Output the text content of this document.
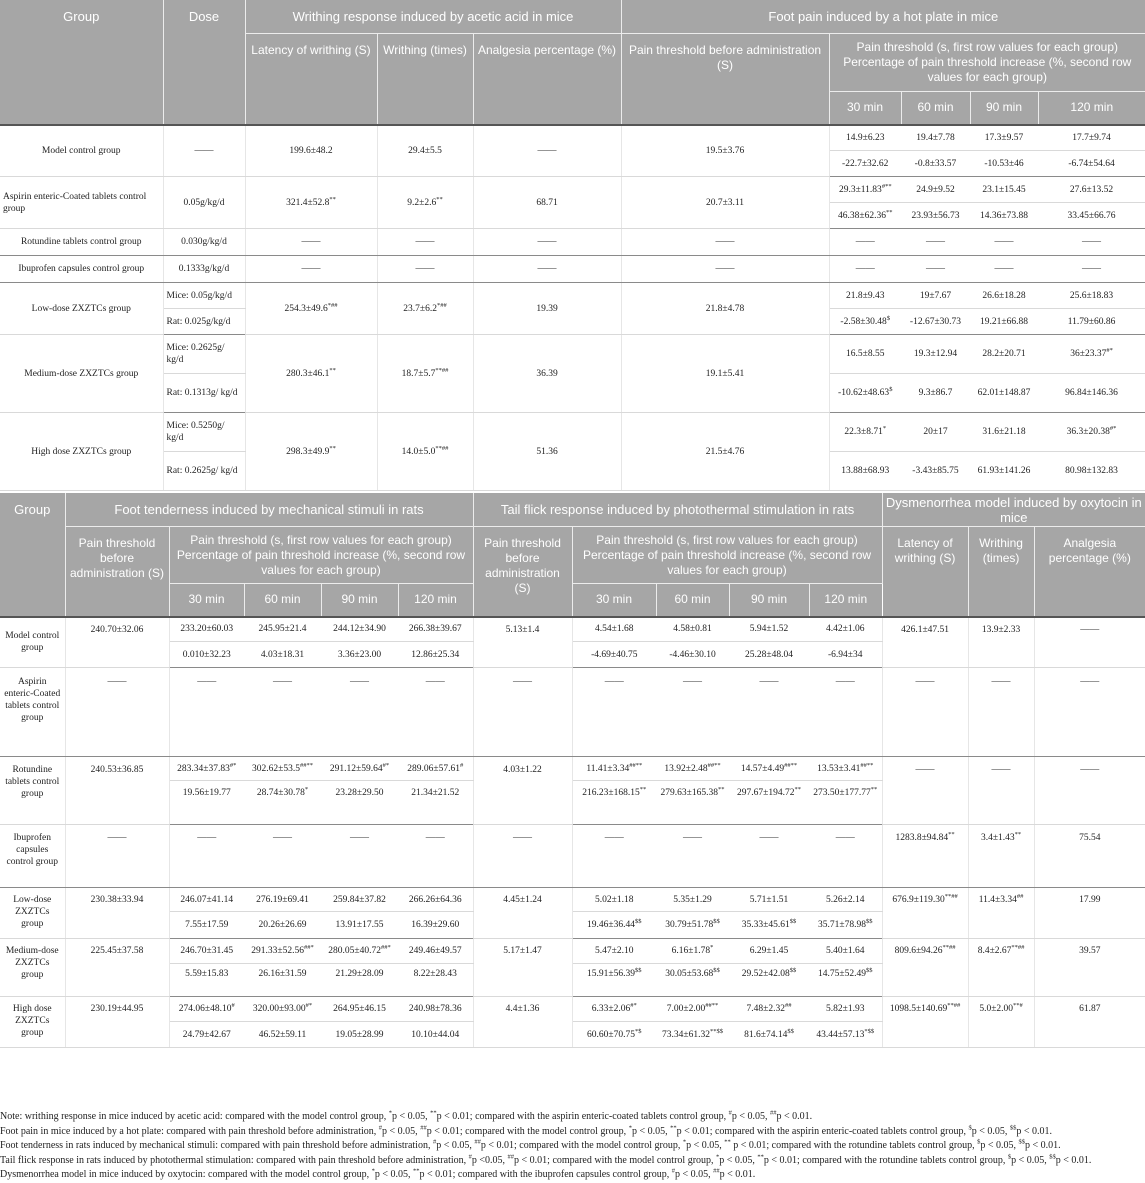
Group	Dose	Writhing response induced by acetic acid in mice			Foot pain induced by a hot plate in mice				
		Latency of writhing (S)	Writhing (times)	Analgesia percentage (%)	Pain threshold before administration (S)	Pain threshold (s, first row values for each group) Percentage of pain threshold increase (%, second row values for each group)			
						30 min	60 min	90 min	120 min
Model control group	——	199.6±48.2	29.4±5.5	——	19.5±3.76	14.9±6.23	19.4±7.78	17.3±9.57	17.7±9.74
						-22.7±32.62	-0.8±33.57	-10.53±46	-6.74±54.64
Aspirin enteric-Coated tablets control group	0.05g/kg/d	321.4±52.8**	9.2±2.6**	68.71	20.7±3.11	29.3±11.83#**	24.9±9.52	23.1±15.45	27.6±13.52
						46.38±62.36**	23.93±56.73	14.36±73.88	33.45±66.76
Rotundine tablets control group	0.030g/kg/d	——	——	——	——	——	——	——	——
Ibuprofen capsules control group	0.1333g/kg/d	——	——	——	——	——	——	——	——
Low-dose ZXZTCs group	Mice: 0.05g/kg/d	254.3±49.6*##	23.7±6.2*##	19.39	21.8±4.78	21.8±9.43	19±7.67	26.6±18.28	25.6±18.83
	Rat: 0.025g/kg/d					-2.58±30.48$	-12.67±30.73	19.21±66.88	11.79±60.86
Medium-dose ZXZTCs group	Mice: 0.2625g/ kg/d	280.3±46.1**	18.7±5.7**##	36.39	19.1±5.41	16.5±8.55	19.3±12.94	28.2±20.71	36±23.37#*
	Rat: 0.1313g/ kg/d					-10.62±48.63$	9.3±86.7	62.01±148.87	96.84±146.36
High dose ZXZTCs group	Mice: 0.5250g/ kg/d	298.3±49.9**	14.0±5.0**##	51.36	21.5±4.76	22.3±8.71*	20±17	31.6±21.18	36.3±20.38#*
	Rat: 0.2625g/ kg/d					13.88±68.93	-3.43±85.75	61.93±141.26	80.98±132.83
Group	Foot tenderness induced by mechanical stimuli in rats					Tail flick response induced by photothermal stimulation in rats					Dysmenorrhea model induced by oxytocin in mice		
	Pain threshold before administration (S)	Pain threshold (s, first row values for each group) Percentage of pain threshold increase (%, second row values for each group)				Pain threshold before administration (S)	Pain threshold (s, first row values for each group) Percentage of pain threshold increase (%, second row values for each group)				Latency of writhing (S)	Writhing (times)	Analgesia percentage (%)
		30 min	60 min	90 min	120 min		30 min	60 min	90 min	120 min			
Model control group	240.70±32.06	233.20±60.03	245.95±21.4	244.12±34.90	266.38±39.67	5.13±1.4	4.54±1.68	4.58±0.81	5.94±1.52	4.42±1.06	426.1±47.51	13.9±2.33	——
		0.010±32.23	4.03±18.31	3.36±23.00	12.86±25.34		-4.69±40.75	-4.46±30.10	25.28±48.04	-6.94±34			
Aspirin enteric-Coated tablets control group	——	——	——	——	——	——	——	——	——	——	——	——	——
Rotundine tablets control group	240.53±36.85	283.34±37.83#*	302.62±53.5##**	291.12±59.64#*	289.06±57.61#	4.03±1.22	11.41±3.34##**	13.92±2.48##**	14.57±4.49##**	13.53±3.41##**	——	——	——
		19.56±19.77	28.74±30.78*	23.28±29.50	21.34±21.52		216.23±168.15**	279.63±165.38**	297.67±194.72**	273.50±177.77**
Ibuprofen capsules control group	——	——	——	——	——	——	——	——	——	——	1283.8±94.84**	3.4±1.43**	75.54
Low-dose ZXZTCs group	230.38±33.94	246.07±41.14	276.19±69.41	259.84±37.82	266.26±64.36	4.45±1.24	5.02±1.18	5.35±1.29	5.71±1.51	5.26±2.14	676.9±119.30**##	11.4±3.34##	17.99
		7.55±17.59	20.26±26.69	13.91±17.55	16.39±29.60		19.46±36.44$$	30.79±51.78$$	35.33±45.61$$	35.71±78.98$$
Medium-dose ZXZTCs group	225.45±37.58	246.70±31.45	291.33±52.56##*	280.05±40.72##*	249.46±49.57	5.17±1.47	5.47±2.10	6.16±1.78*	6.29±1.45	5.40±1.64	809.6±94.26**##	8.4±2.67**##	39.57
		5.59±15.83	26.16±31.59	21.29±28.09	8.22±28.43		15.91±56.39$$	30.05±53.68$$	29.52±42.08$$	14.75±52.49$$
High dose ZXZTCs group	230.19±44.95	274.06±48.10#	320.00±93.00#*	264.95±46.15	240.98±78.36	4.4±1.36	6.33±2.06#*	7.00±2.00##**	7.48±2.32##	5.82±1.93	1098.5±140.69**##	5.0±2.00**#	61.87
		24.79±42.67	46.52±59.11	19.05±28.99	10.10±44.04		60.60±70.75*$	73.34±61.32**$$	81.6±74.14$$	43.44±57.13*$$
Note: writhing response in mice induced by acetic acid: compared with the model control group, *p < 0.05, **p < 0.01; compared with the aspirin enteric-coated tablets control group, #p < 0.05, ##p < 0.01.
Foot pain in mice induced by a hot plate: compared with pain threshold before administration, #p < 0.05, ##p < 0.01; compared with the model control group, *p < 0.05, **p < 0.01; compared with the aspirin enteric-coated tablets control group, $p < 0.05, $$p < 0.01.
Foot tenderness in rats induced by mechanical stimuli: compared with pain threshold before administration, #p < 0.05, ##p < 0.01; compared with the model control group, *p < 0.05, ** p < 0.01; compared with the rotundine tablets control group, $p < 0.05, $$p < 0.01.
Tail flick response in rats induced by photothermal stimulation: compared with pain threshold before administration, #p <0.05, ##p < 0.01; compared with the model control group, *p < 0.05, **p < 0.01; compared with the rotundine tablets control group, $p < 0.05, $$p < 0.01.
Dysmenorrhea model in mice induced by oxytocin: compared with the model control group, *p < 0.05, **p < 0.01; compared with the ibuprofen capsules control group, #p < 0.05, ##p < 0.01.
